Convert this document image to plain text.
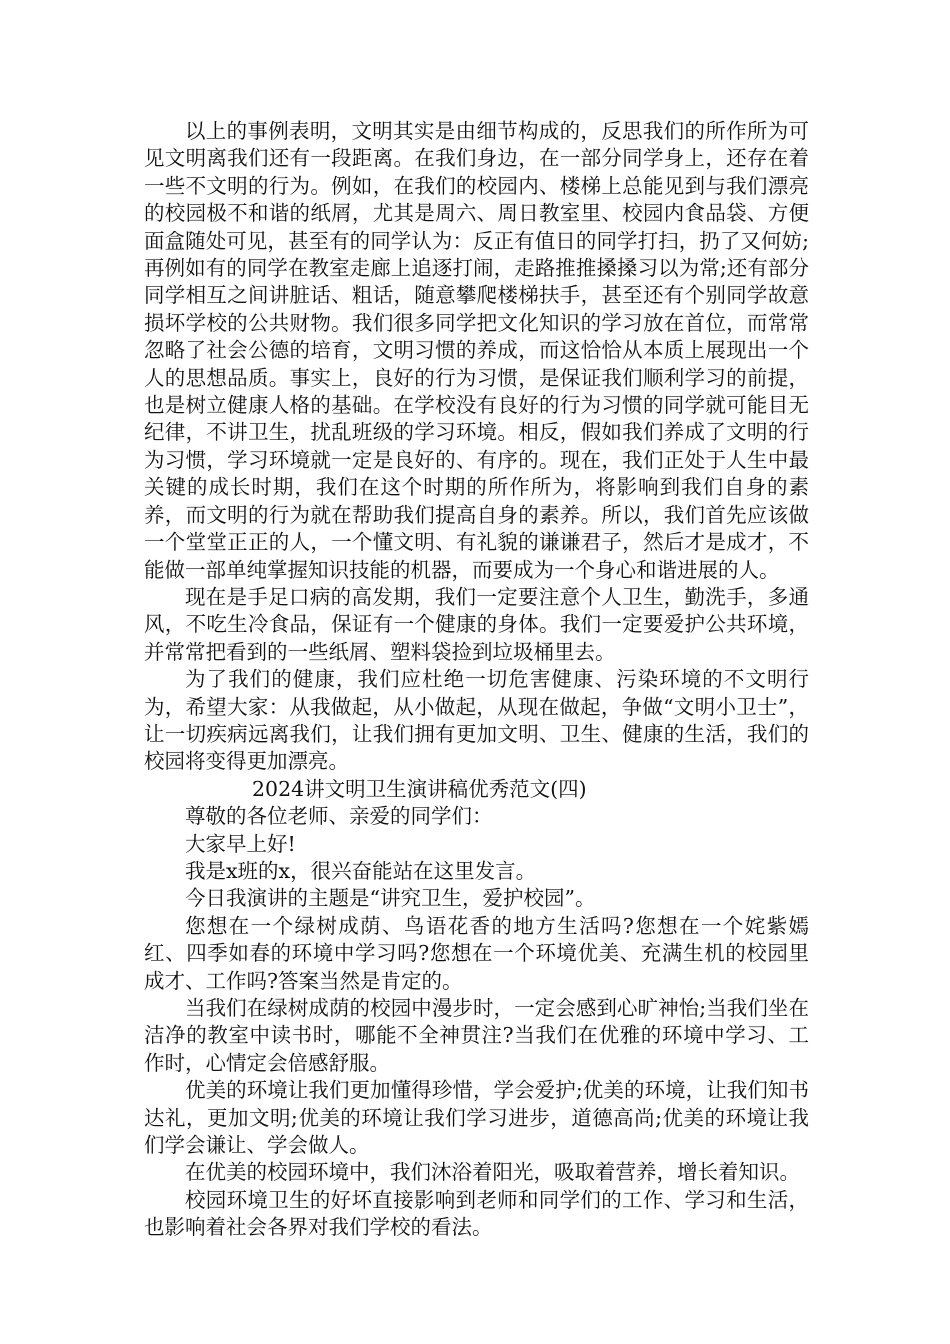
以上的事例表明，文明其实是由细节构成的，反思我们的所作所为可见文明离我们还有一段距离。在我们身边，在一部分同学身上，还存在着一些不文明的行为。例如，在我们的校园内、楼梯上总能见到与我们漂亮的校园极不和谐的纸屑，尤其是周六、周日教室里、校园内食品袋、方便面盒随处可见，甚至有的同学认为：反正有值日的同学打扫，扔了又何妨;再例如有的同学在教室走廊上追逐打闹，走路推推搡搡习以为常;还有部分同学相互之间讲脏话、粗话，随意攀爬楼梯扶手，甚至还有个别同学故意损坏学校的公共财物。我们很多同学把文化知识的学习放在首位，而常常忽略了社会公德的培育，文明习惯的养成，而这恰恰从本质上展现出一个人的思想品质。事实上，良好的行为习惯，是保证我们顺利学习的前提，也是树立健康人格的基础。在学校没有良好的行为习惯的同学就可能目无纪律，不讲卫生，扰乱班级的学习环境。相反，假如我们养成了文明的行为习惯，学习环境就一定是良好的、有序的。现在，我们正处于人生中最关键的成长时期，我们在这个时期的所作所为，将影响到我们自身的素养，而文明的行为就在帮助我们提高自身的素养。所以，我们首先应该做一个堂堂正正的人，一个懂文明、有礼貌的谦谦君子，然后才是成才，不能做一部单纯掌握知识技能的机器，而要成为一个身心和谐进展的人。

现在是手足口病的高发期，我们一定要注意个人卫生，勤洗手，多通风，不吃生冷食品，保证有一个健康的身体。我们一定要爱护公共环境，并常常把看到的一些纸屑、塑料袋捡到垃圾桶里去。

为了我们的健康，我们应杜绝一切危害健康、污染环境的不文明行为，希望大家：从我做起，从小做起，从现在做起，争做“文明小卫士”，让一切疾病远离我们，让我们拥有更加文明、卫生、健康的生活，我们的校园将变得更加漂亮。

2024讲文明卫生演讲稿优秀范文(四)

尊敬的各位老师、亲爱的同学们：

大家早上好!

我是x班的x，很兴奋能站在这里发言。

今日我演讲的主题是“讲究卫生，爱护校园”。

您想在一个绿树成荫、鸟语花香的地方生活吗?您想在一个姹紫嫣红、四季如春的环境中学习吗?您想在一个环境优美、充满生机的校园里成才、工作吗?答案当然是肯定的。

当我们在绿树成荫的校园中漫步时，一定会感到心旷神怡;当我们坐在洁净的教室中读书时，哪能不全神贯注?当我们在优雅的环境中学习、工作时，心情定会倍感舒服。

优美的环境让我们更加懂得珍惜，学会爱护;优美的环境，让我们知书达礼，更加文明;优美的环境让我们学习进步，道德高尚;优美的环境让我们学会谦让、学会做人。

在优美的校园环境中，我们沐浴着阳光，吸取着营养，增长着知识。

校园环境卫生的好坏直接影响到老师和同学们的工作、学习和生活，也影响着社会各界对我们学校的看法。
